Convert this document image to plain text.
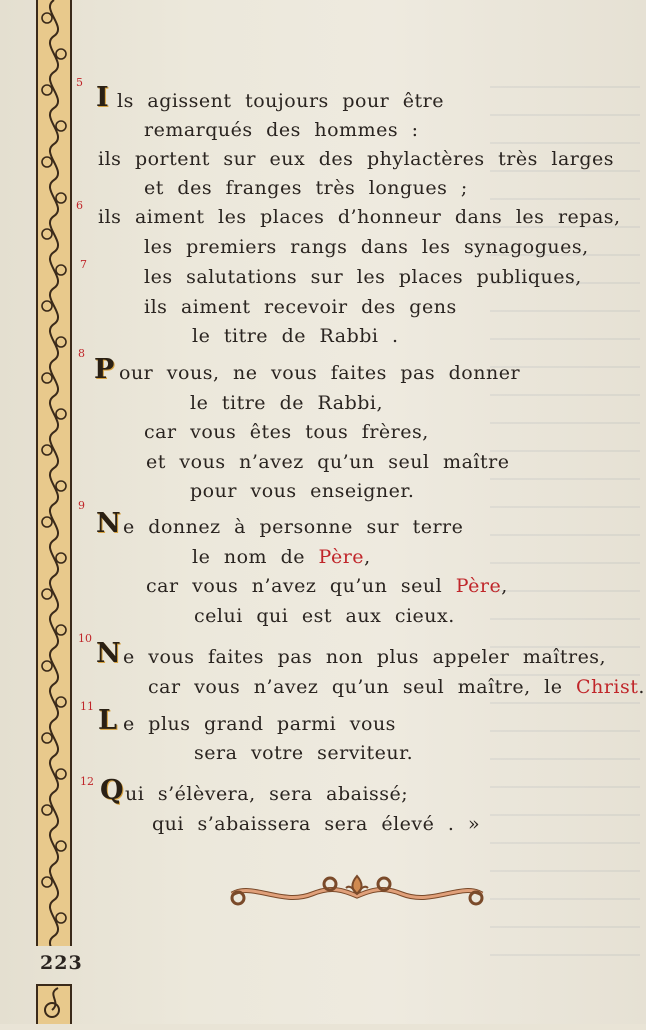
223
5 I ls agissent toujours pour être
remarqués des hommes :
ils portent sur eux des phylactères très larges
et des franges très longues ;
6
ils aiment les places d’honneur dans les repas,
les premiers rangs dans les synagogues,
7
les salutations sur les places publiques,
ils aiment recevoir des gens
le titre de Rabbi .
8
P our vous, ne vous faites pas donner
le titre de Rabbi,
car vous êtes tous frères,
et vous n’avez qu’un seul maître
pour vous enseigner.
9
N e donnez à personne sur terre
le nom de Père,
car vous n’avez qu’un seul Père,
celui qui est aux cieux.
10 N e vous faites pas non plus appeler maîtres,
car vous n’avez qu’un seul maître, le Christ.
11 L e plus grand parmi vous
sera votre serviteur.
12 Q ui s’élèvera, sera abaissé;
qui s’abaissera sera élevé . »
